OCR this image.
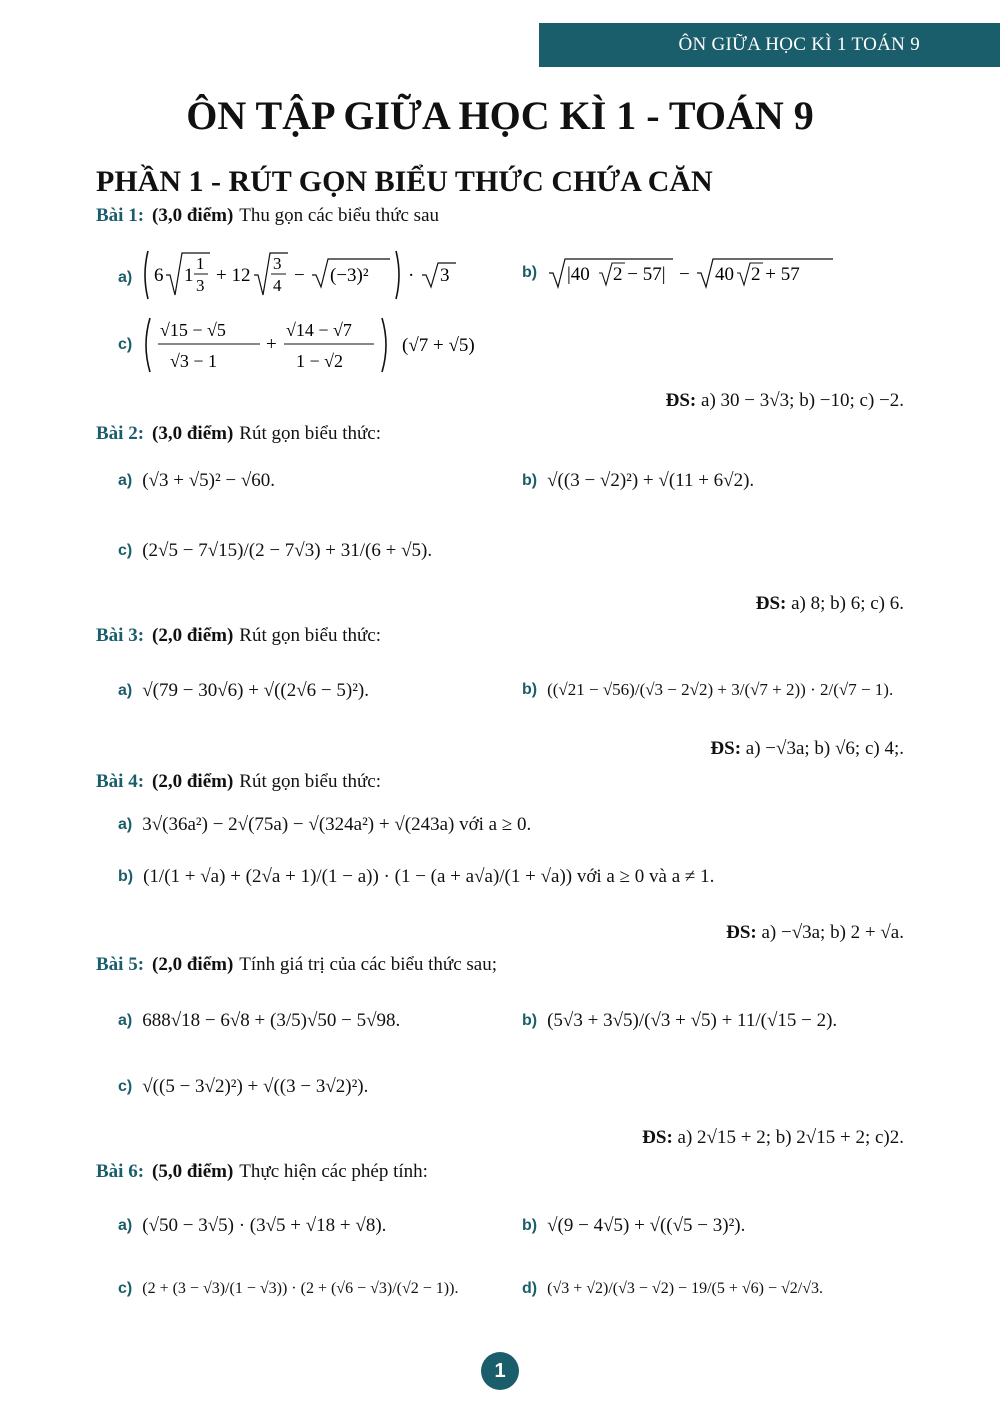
ÔN GIỮA HỌC KÌ 1 TOÁN 9
ÔN TẬP GIỮA HỌC KÌ 1 - TOÁN 9
PHẦN 1 - RÚT GỌN BIỂU THỨC CHỨA CĂN
Bài 1: (3,0 điểm) Thu gọn các biểu thức sau
a) 6 1
1
3 + 12
3
4 − (−3)² · 3	b) |40 2 − 57| − 40 2 + 57
c)
√15 − √5
√3 − 1
+
√14 − √7
1 − √2
(√7 + √5)
ĐS: a) 30 − 3√3; b) −10; c) −2.
Bài 2: (3,0 điểm) Rút gọn biểu thức:
a) (√3 + √5)² − √60.	b) √((3 − √2)²) + √(11 + 6√2).
c) (2√5 − 7√15)/(2 − 7√3) + 31/(6 + √5).
ĐS: a) 8; b) 6; c) 6.
Bài 3: (2,0 điểm) Rút gọn biểu thức:
a) √(79 − 30√6) + √((2√6 − 5)²).	b) ((√21 − √56)/(√3 − 2√2) + 3/(√7 + 2)) · 2/(√7 − 1).
ĐS: a) −√3a; b) √6; c) 4;.
Bài 4: (2,0 điểm) Rút gọn biểu thức:
a) 3√(36a²) − 2√(75a) − √(324a²) + √(243a) với a ≥ 0.
b) (1/(1 + √a) + (2√a + 1)/(1 − a)) · (1 − (a + a√a)/(1 + √a)) với a ≥ 0 và a ≠ 1.
ĐS: a) −√3a; b) 2 + √a.
Bài 5: (2,0 điểm) Tính giá trị của các biểu thức sau;
a) 688√18 − 6√8 + (3/5)√50 − 5√98.	b) (5√3 + 3√5)/(√3 + √5) + 11/(√15 − 2).
c) √((5 − 3√2)²) + √((3 − 3√2)²).
ĐS: a) 2√15 + 2; b) 2√15 + 2; c)2.
Bài 6: (5,0 điểm) Thực hiện các phép tính:
a) (√50 − 3√5) · (3√5 + √18 + √8).	b) √(9 − 4√5) + √((√5 − 3)²).
c) (2 + (3 − √3)/(1 − √3)) · (2 + (√6 − √3)/(√2 − 1)).	d) (√3 + √2)/(√3 − √2) − 19/(5 + √6) − √2/√3.
1
